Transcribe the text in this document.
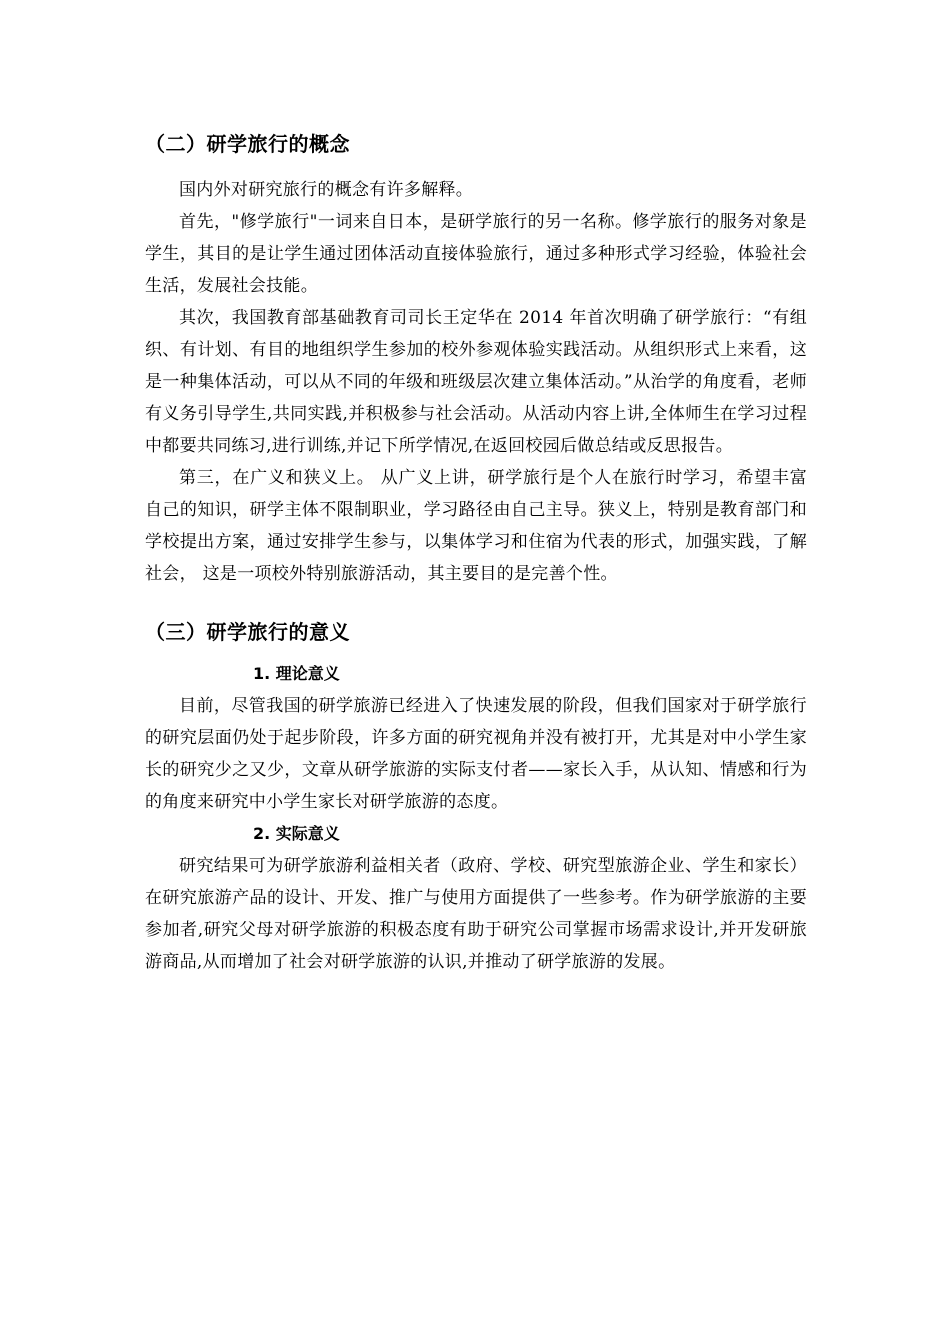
（二）研学旅行的概念

国内外对研究旅行的概念有许多解释。

首先，"修学旅行"一词来自日本，是研学旅行的另一名称。修学旅行的服务对象是学生，其目的是让学生通过团体活动直接体验旅行，通过多种形式学习经验，体验社会生活，发展社会技能。

其次，我国教育部基础教育司司长王定华在 2014 年首次明确了研学旅行：“有组织、有计划、有目的地组织学生参加的校外参观体验实践活动。从组织形式上来看，这是一种集体活动，可以从不同的年级和班级层次建立集体活动。”从治学的角度看，老师有义务引导学生,共同实践,并积极参与社会活动。从活动内容上讲,全体师生在学习过程中都要共同练习,进行训练,并记下所学情况,在返回校园后做总结或反思报告。

第三，在广义和狭义上。 从广义上讲，研学旅行是个人在旅行时学习，希望丰富自己的知识，研学主体不限制职业，学习路径由自己主导。狭义上，特别是教育部门和学校提出方案，通过安排学生参与，以集体学习和住宿为代表的形式，加强实践，了解社会， 这是一项校外特别旅游活动，其主要目的是完善个性。

（三）研学旅行的意义
1. 理论意义

目前，尽管我国的研学旅游已经进入了快速发展的阶段，但我们国家对于研学旅行的研究层面仍处于起步阶段，许多方面的研究视角并没有被打开，尤其是对中小学生家长的研究少之又少，文章从研学旅游的实际支付者——家长入手，从认知、情感和行为的角度来研究中小学生家长对研学旅游的态度。

2. 实际意义

研究结果可为研学旅游利益相关者（政府、学校、研究型旅游企业、学生和家长）在研究旅游产品的设计、开发、推广与使用方面提供了一些参考。作为研学旅游的主要参加者,研究父母对研学旅游的积极态度有助于研究公司掌握市场需求设计,并开发研旅游商品,从而增加了社会对研学旅游的认识,并推动了研学旅游的发展。
